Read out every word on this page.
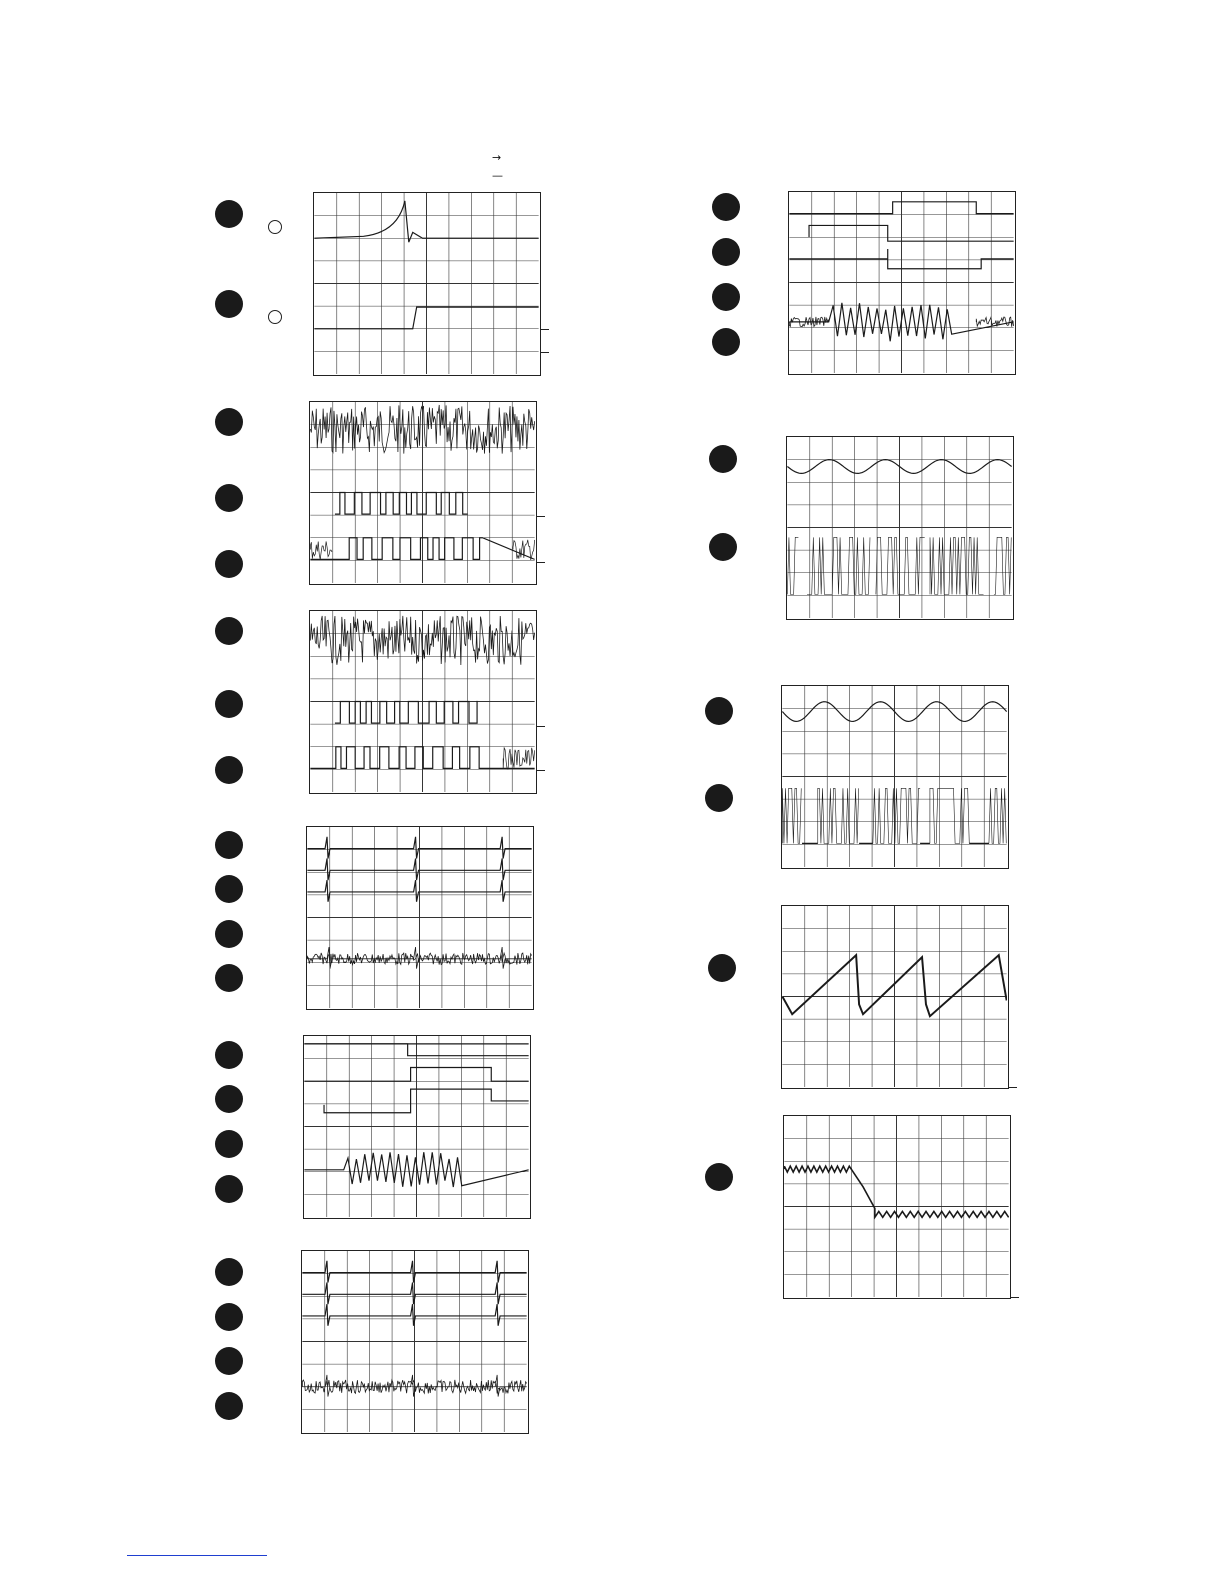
→
—
